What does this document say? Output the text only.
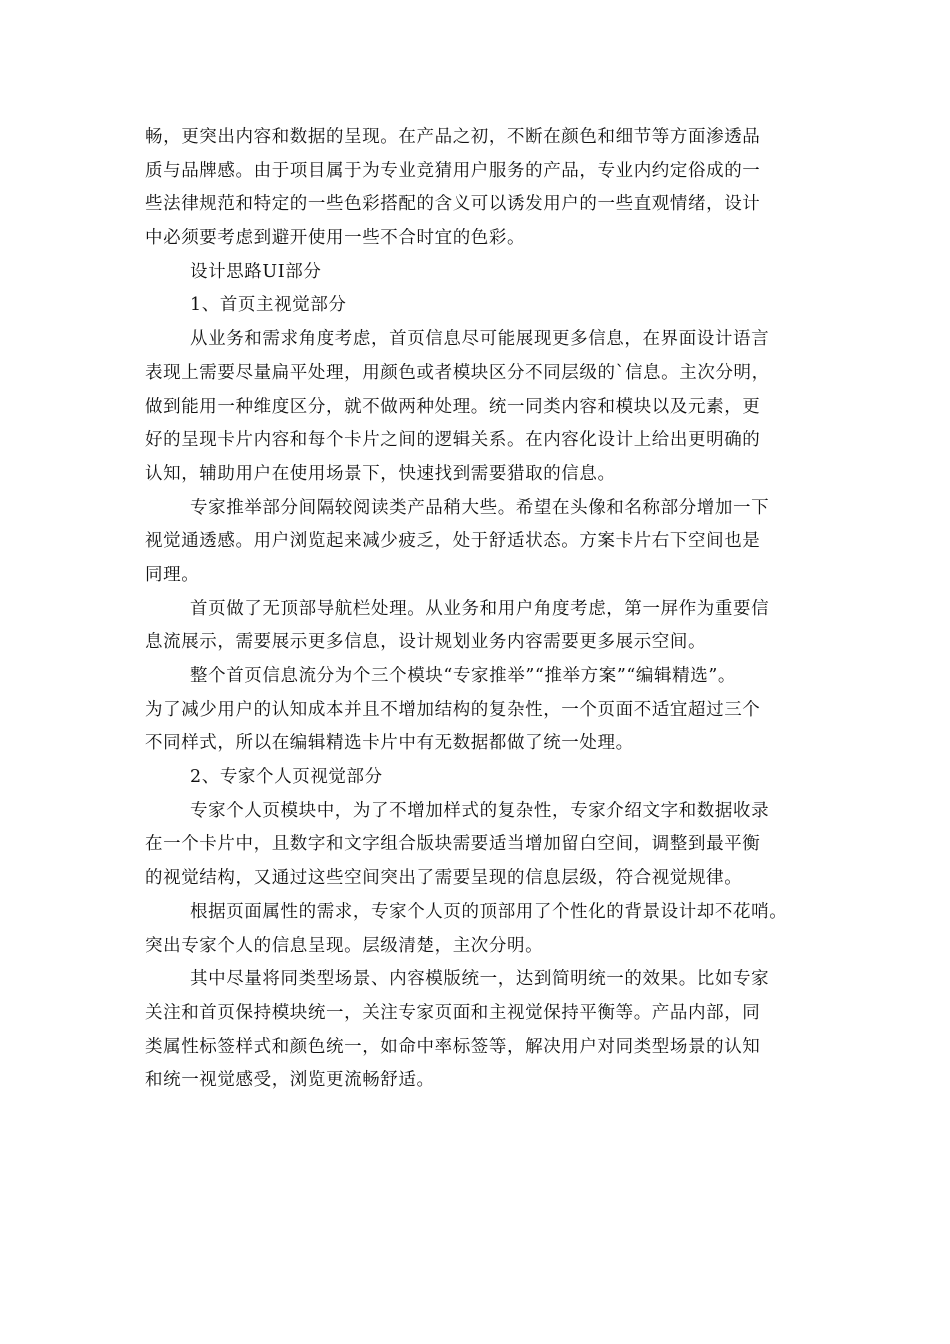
畅，更突出内容和数据的呈现。在产品之初，不断在颜色和细节等方面渗透品
质与品牌感。由于项目属于为专业竞猜用户服务的产品，专业内约定俗成的一
些法律规范和特定的一些色彩搭配的含义可以诱发用户的一些直观情绪，设计
中必须要考虑到避开使用一些不合时宜的色彩。
设计思路UI部分
1、首页主视觉部分
从业务和需求角度考虑，首页信息尽可能展现更多信息，在界面设计语言
表现上需要尽量扁平处理，用颜色或者模块区分不同层级的`信息。主次分明，
做到能用一种维度区分，就不做两种处理。统一同类内容和模块以及元素，更
好的呈现卡片内容和每个卡片之间的逻辑关系。在内容化设计上给出更明确的
认知，辅助用户在使用场景下，快速找到需要猎取的信息。
专家推举部分间隔较阅读类产品稍大些。希望在头像和名称部分增加一下
视觉通透感。用户浏览起来减少疲乏，处于舒适状态。方案卡片右下空间也是
同理。
首页做了无顶部导航栏处理。从业务和用户角度考虑，第一屏作为重要信
息流展示，需要展示更多信息，设计规划业务内容需要更多展示空间。
整个首页信息流分为个三个模块“专家推举”“推举方案”“编辑精选”。
为了减少用户的认知成本并且不增加结构的复杂性，一个页面不适宜超过三个
不同样式，所以在编辑精选卡片中有无数据都做了统一处理。
2、专家个人页视觉部分
专家个人页模块中，为了不增加样式的复杂性，专家介绍文字和数据收录
在一个卡片中，且数字和文字组合版块需要适当增加留白空间，调整到最平衡
的视觉结构，又通过这些空间突出了需要呈现的信息层级，符合视觉规律。
根据页面属性的需求，专家个人页的顶部用了个性化的背景设计却不花哨。
突出专家个人的信息呈现。层级清楚，主次分明。
其中尽量将同类型场景、内容模版统一，达到简明统一的效果。比如专家
关注和首页保持模块统一，关注专家页面和主视觉保持平衡等。产品内部，同
类属性标签样式和颜色统一，如命中率标签等，解决用户对同类型场景的认知
和统一视觉感受，浏览更流畅舒适。
